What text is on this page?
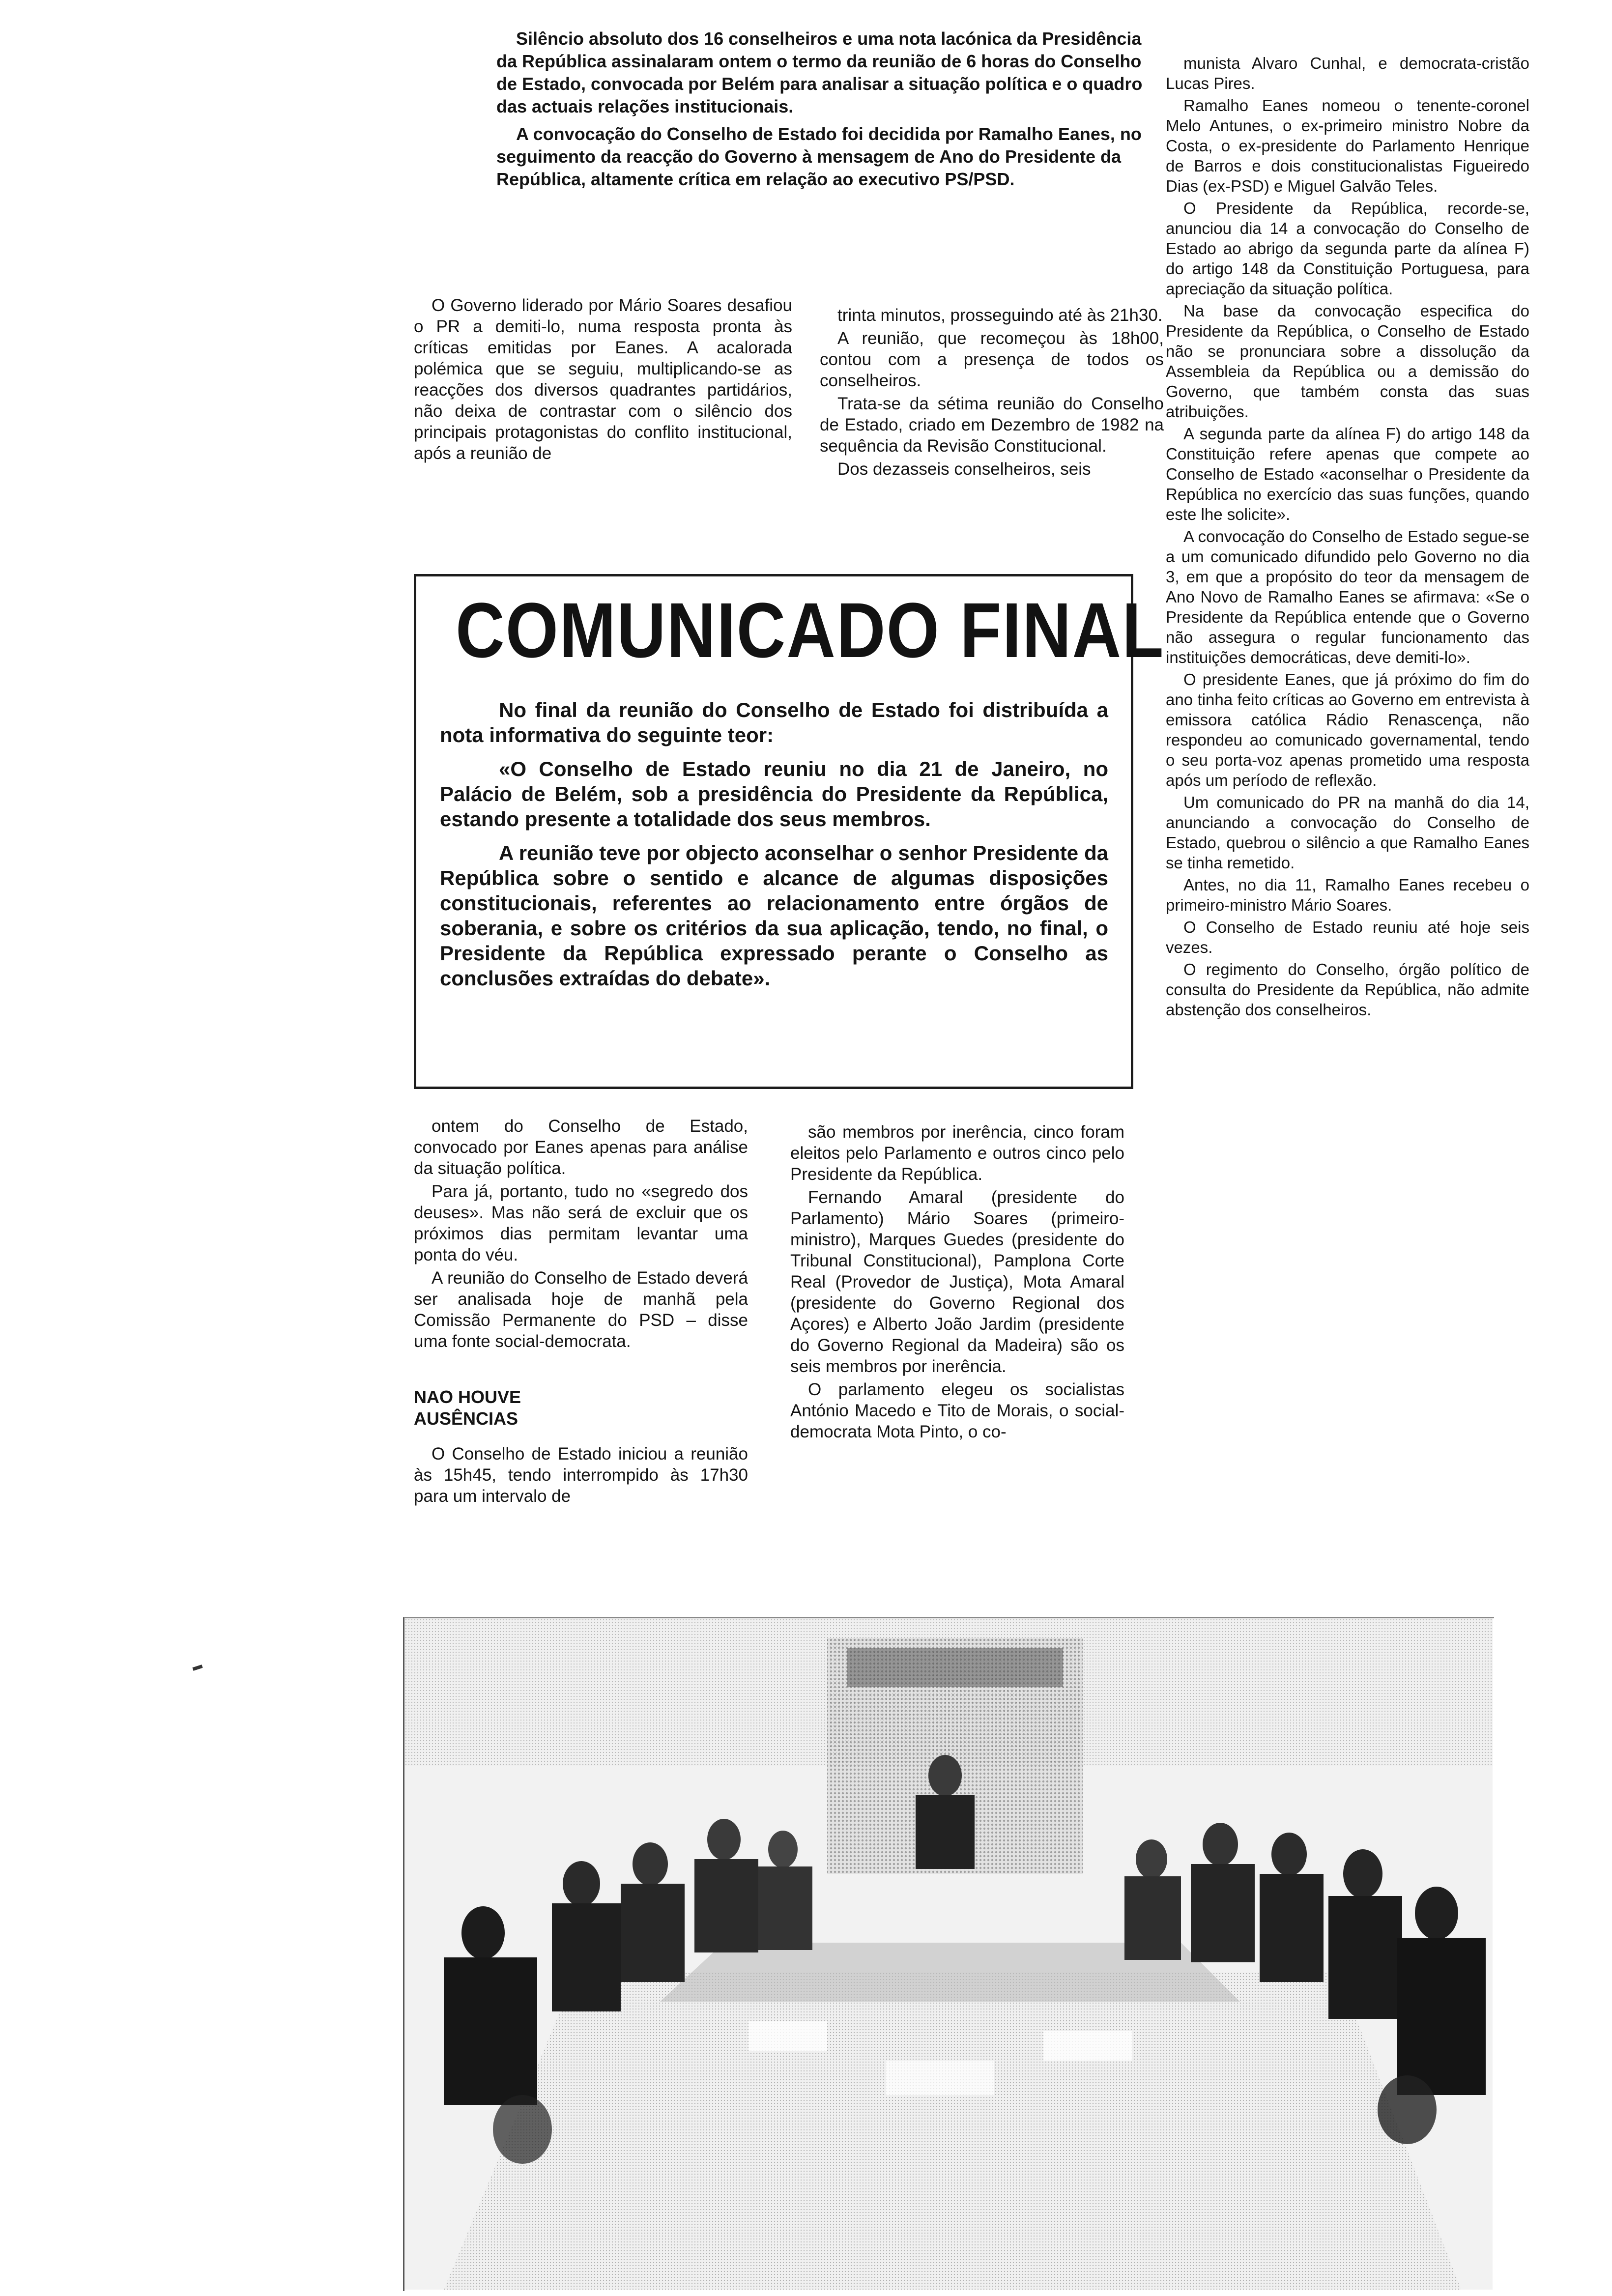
Silêncio absoluto dos 16 conselheiros e uma nota lacónica da Presidência da República assinalaram ontem o termo da reunião de 6 horas do Conselho de Estado, convocada por Belém para analisar a situação política e o quadro das actuais relações institucionais.

A convocação do Conselho de Estado foi decidida por Ramalho Eanes, no seguimento da reacção do Governo à mensagem de Ano do Presidente da República, altamente crítica em relação ao executivo PS/PSD.

O Governo liderado por Mário Soares desafiou o PR a demiti-lo, numa resposta pronta às críticas emitidas por Eanes. A acalorada polémica que se seguiu, multiplicando-se as reacções dos diversos quadrantes partidários, não deixa de contrastar com o silêncio dos principais protagonistas do conflito institucional, após a reunião de

trinta minutos, prosseguindo até às 21h30.

A reunião, que recomeçou às 18h00, contou com a presença de todos os conselheiros.

Trata-se da sétima reunião do Conselho de Estado, criado em Dezembro de 1982 na sequência da Revisão Constitucional.

Dos dezasseis conselheiros, seis

munista Alvaro Cunhal, e democrata-cristão Lucas Pires.

Ramalho Eanes nomeou o tenente-coronel Melo Antunes, o ex-primeiro ministro Nobre da Costa, o ex-presidente do Parlamento Henrique de Barros e dois constitucionalistas Figueiredo Dias (ex-PSD) e Miguel Galvão Teles.

O Presidente da República, recorde-se, anunciou dia 14 a convocação do Conselho de Estado ao abrigo da segunda parte da alínea F) do artigo 148 da Constituição Portuguesa, para apreciação da situação política.

Na base da convocação especifica do Presidente da República, o Conselho de Estado não se pronunciara sobre a dissolução da Assembleia da República ou a demissão do Governo, que também consta das suas atribuições.

A segunda parte da alínea F) do artigo 148 da Constituição refere apenas que compete ao Conselho de Estado «aconselhar o Presidente da República no exercício das suas funções, quando este lhe solicite».

A convocação do Conselho de Estado segue-se a um comunicado difundido pelo Governo no dia 3, em que a propósito do teor da mensagem de Ano Novo de Ramalho Eanes se afirmava: «Se o Presidente da República entende que o Governo não assegura o regular funcionamento das instituições democráticas, deve demiti-lo».

O presidente Eanes, que já próximo do fim do ano tinha feito críticas ao Governo em entrevista à emissora católica Rádio Renascença, não respondeu ao comunicado governamental, tendo o seu porta-voz apenas prometido uma resposta após um período de reflexão.

Um comunicado do PR na manhã do dia 14, anunciando a convocação do Conselho de Estado, quebrou o silêncio a que Ramalho Eanes se tinha remetido.

Antes, no dia 11, Ramalho Eanes recebeu o primeiro-ministro Mário Soares.

O Conselho de Estado reuniu até hoje seis vezes.

O regimento do Conselho, órgão político de consulta do Presidente da República, não admite abstenção dos conselheiros.

COMUNICADO FINAL

No final da reunião do Conselho de Estado foi distribuída a nota informativa do seguinte teor:

«O Conselho de Estado reuniu no dia 21 de Janeiro, no Palácio de Belém, sob a presidência do Presidente da República, estando presente a totalidade dos seus membros.

A reunião teve por objecto aconselhar o senhor Presidente da República sobre o sentido e alcance de algumas disposições constitucionais, referentes ao relacionamento entre órgãos de soberania, e sobre os critérios da sua aplicação, tendo, no final, o Presidente da República expressado perante o Conselho as conclusões extraídas do debate».

ontem do Conselho de Estado, convocado por Eanes apenas para análise da situação política.

Para já, portanto, tudo no «segredo dos deuses». Mas não será de excluir que os próximos dias permitam levantar uma ponta do véu.

A reunião do Conselho de Estado deverá ser analisada hoje de manhã pela Comissão Permanente do PSD – disse uma fonte social-democrata.

NAO HOUVE
AUSÊNCIAS

O Conselho de Estado iniciou a reunião às 15h45, tendo interrompido às 17h30 para um intervalo de

são membros por inerência, cinco foram eleitos pelo Parlamento e outros cinco pelo Presidente da República.

Fernando Amaral (presidente do Parlamento) Mário Soares (primeiro-ministro), Marques Guedes (presidente do Tribunal Constitucional), Pamplona Corte Real (Provedor de Justiça), Mota Amaral (presidente do Governo Regional dos Açores) e Alberto João Jardim (presidente do Governo Regional da Madeira) são os seis membros por inerência.

O parlamento elegeu os socialistas António Macedo e Tito de Morais, o social-democrata Mota Pinto, o co-
